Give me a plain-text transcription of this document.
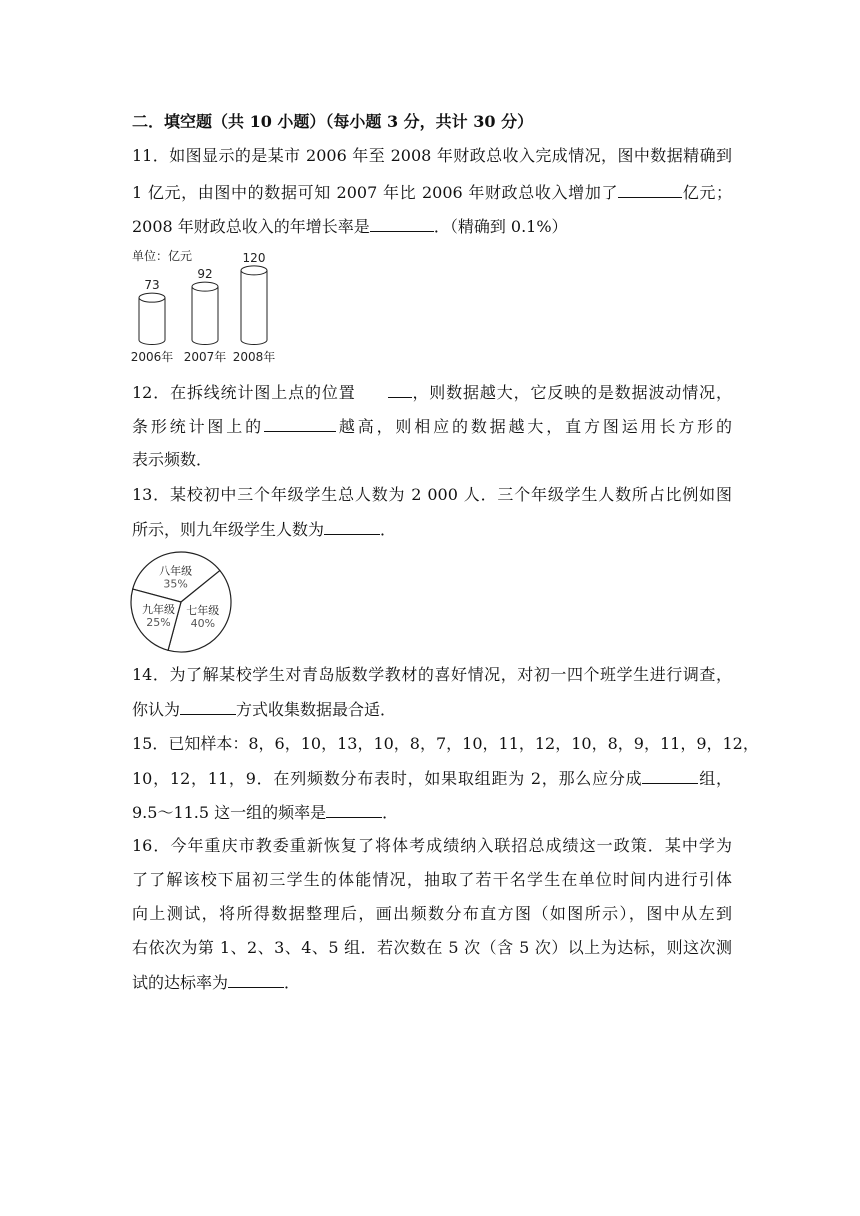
二．填空题（共 10 小题）（每小题 3 分，共计 30 分）
11．如图显示的是某市 2006 年至 2008 年财政总收入完成情况，图中数据精确到
1 亿元，由图中的数据可知 2007 年比 2006 年财政总收入增加了	亿元；
2008 年财政总收入的年增长率是	．（精确到 0.1%）
单位：亿元
73
2006年
92
2007年
120
2008年
12．在拆线统计图上点的位置	，则数据越大，它反映的是数据波动情况，
条形统计图上的	越高，则相应的数据越大，直方图运用长方形的
表示频数．
13．某校初中三个年级学生总人数为 2 000 人．三个年级学生人数所占比例如图
所示，则九年级学生人数为	．
八年级
35%
七年级
40%
九年级
25%
14．为了解某校学生对青岛版数学教材的喜好情况，对初一四个班学生进行调查，
你认为	方式收集数据最合适．
15．已知样本：8，6，10，13，10，8，7，10，11，12，10，8，9，11，9，12，
10，12，11，9．在列频数分布表时，如果取组距为 2，那么应分成	组，
9.5～11.5 这一组的频率是	．
16．今年重庆市教委重新恢复了将体考成绩纳入联招总成绩这一政策．某中学为
了了解该校下届初三学生的体能情况，抽取了若干名学生在单位时间内进行引体
向上测试，将所得数据整理后，画出频数分布直方图（如图所示），图中从左到
右依次为第 1、2、3、4、5 组．若次数在 5 次（含 5 次）以上为达标，则这次测
试的达标率为	．
